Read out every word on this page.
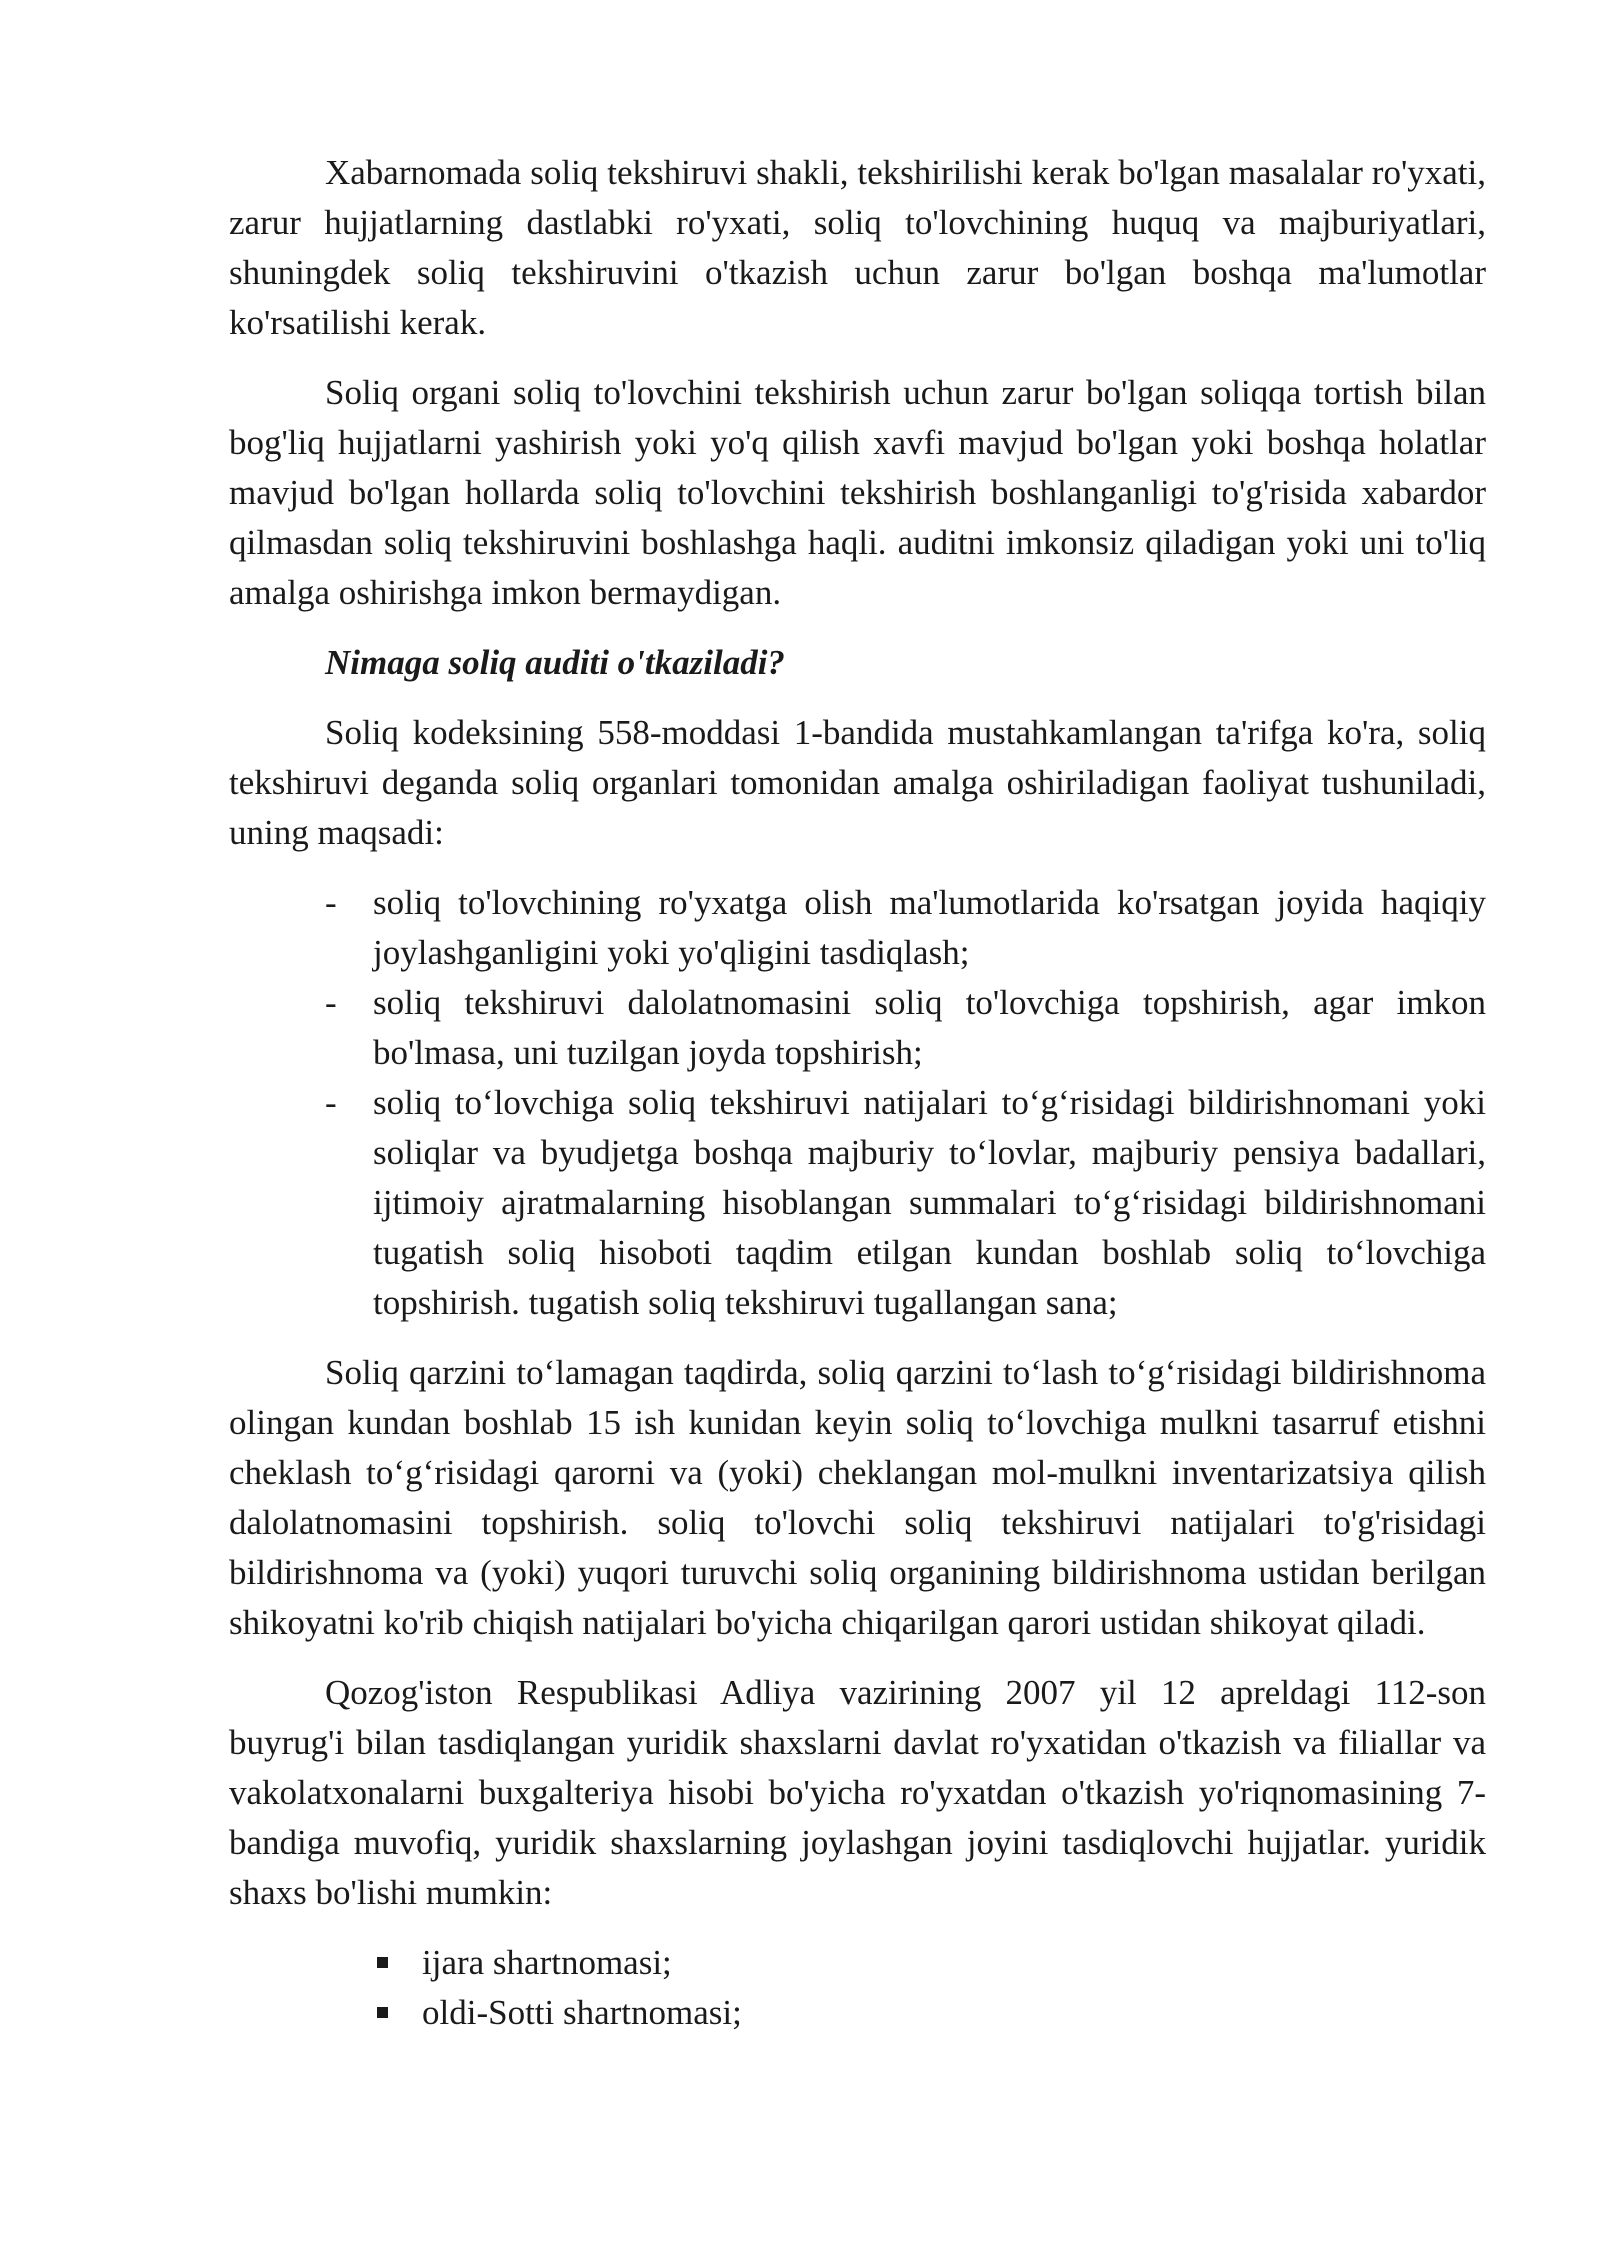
Xabarnomada soliq tekshiruvi shakli, tekshirilishi kerak bo'lgan masalalar ro'yxati, zarur hujjatlarning dastlabki ro'yxati, soliq to'lovchining huquq va majburiyatlari, shuningdek soliq tekshiruvini o'tkazish uchun zarur bo'lgan boshqa ma'lumotlar ko'rsatilishi kerak.

Soliq organi soliq to'lovchini tekshirish uchun zarur bo'lgan soliqqa tortish bilan bog'liq hujjatlarni yashirish yoki yo'q qilish xavfi mavjud bo'lgan yoki boshqa holatlar mavjud bo'lgan hollarda soliq to'lovchini tekshirish boshlanganligi to'g'risida xabardor qilmasdan soliq tekshiruvini boshlashga haqli. auditni imkonsiz qiladigan yoki uni to'liq amalga oshirishga imkon bermaydigan.

Nimaga soliq auditi o'tkaziladi?

Soliq kodeksining 558-moddasi 1-bandida mustahkamlangan ta'rifga ko'ra, soliq tekshiruvi deganda soliq organlari tomonidan amalga oshiriladigan faoliyat tushuniladi, uning maqsadi:

- soliq to'lovchining ro'yxatga olish ma'lumotlarida ko'rsatgan joyida haqiqiy joylashganligini yoki yo'qligini tasdiqlash;
- soliq tekshiruvi dalolatnomasini soliq to'lovchiga topshirish, agar imkon bo'lmasa, uni tuzilgan joyda topshirish;
- soliq to‘lovchiga soliq tekshiruvi natijalari to‘g‘risidagi bildirishnomani yoki soliqlar va byudjetga boshqa majburiy to‘lovlar, majburiy pensiya badallari, ijtimoiy ajratmalarning hisoblangan summalari to‘g‘risidagi bildirishnomani tugatish soliq hisoboti taqdim etilgan kundan boshlab soliq to‘lovchiga topshirish. tugatish soliq tekshiruvi tugallangan sana;

Soliq qarzini to‘lamagan taqdirda, soliq qarzini to‘lash to‘g‘risidagi bildirishnoma olingan kundan boshlab 15 ish kunidan keyin soliq to‘lovchiga mulkni tasarruf etishni cheklash to‘g‘risidagi qarorni va (yoki) cheklangan mol-mulkni inventarizatsiya qilish dalolatnomasini topshirish. soliq to'lovchi soliq tekshiruvi natijalari to'g'risidagi bildirishnoma va (yoki) yuqori turuvchi soliq organining bildirishnoma ustidan berilgan shikoyatni ko'rib chiqish natijalari bo'yicha chiqarilgan qarori ustidan shikoyat qiladi.

Qozog'iston Respublikasi Adliya vazirining 2007 yil 12 apreldagi 112-son buyrug'i bilan tasdiqlangan yuridik shaxslarni davlat ro'yxatidan o'tkazish va filiallar va vakolatxonalarni buxgalteriya hisobi bo'yicha ro'yxatdan o'tkazish yo'riqnomasining 7-bandiga muvofiq, yuridik shaxslarning joylashgan joyini tasdiqlovchi hujjatlar. yuridik shaxs bo'lishi mumkin:

ijara shartnomasi;
oldi-Sotti shartnomasi;
